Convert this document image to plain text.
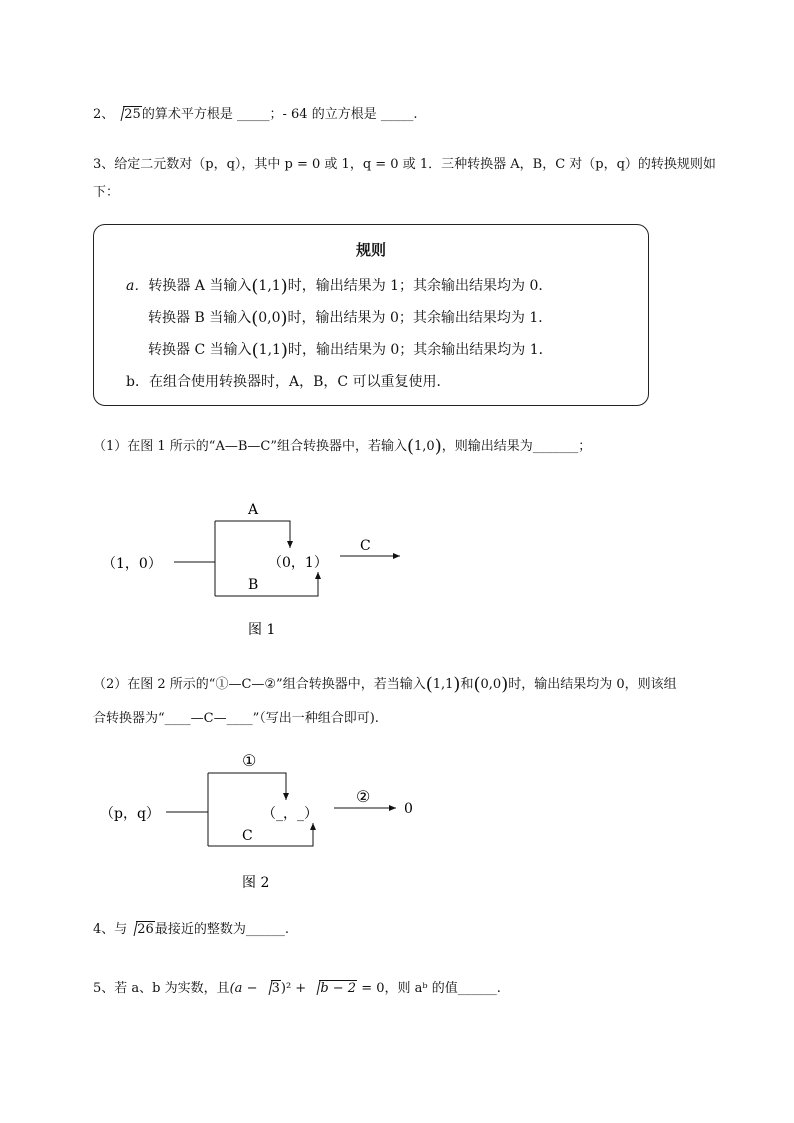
2、 25的算术平方根是 _____；- 64 的立方根是 _____.
3、给定二元数对（p，q），其中 p = 0 或 1，q = 0 或 1．三种转换器 A，B，C 对（p，q）的转换规则如
下：
规则
a．转换器 A 当输入(1,1)时，输出结果为 1；其余输出结果均为 0．
转换器 B 当输入(0,0)时，输出结果为 0；其余输出结果均为 1．
转换器 C 当输入(1,1)时，输出结果为 0；其余输出结果均为 1．
b．在组合使用转换器时，A，B，C 可以重复使用．
（1）在图 1 所示的“A—B—C”组合转换器中，若输入(1,0)，则输出结果为_______；
（1，0）
A
B
（0，1）
C
图 1
（p，q）
①
C
（_，_）
②
0
图 2
（2）在图 2 所示的“①—C—②”组合转换器中，若当输入(1,1)和(0,0)时，输出结果均为 0，则该组
合转换器为“____—C—____”（写出一种组合即可).
4、与 26最接近的整数为______.
5、若 a、b 为实数，且(a − 3)² + b − 2 = 0，则 aᵇ 的值______.
